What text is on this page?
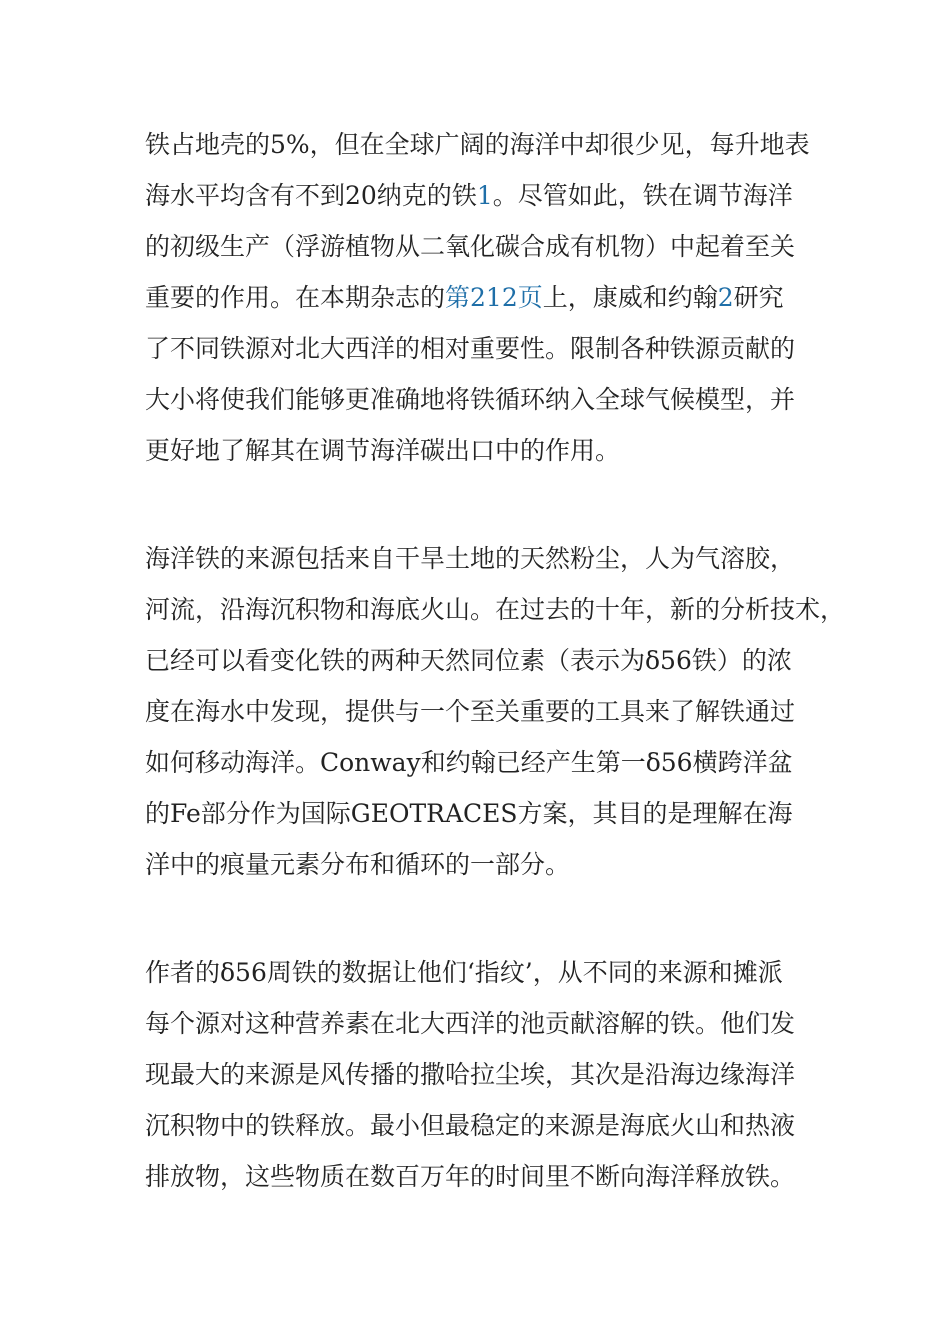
铁占地壳的5%，但在全球广阔的海洋中却很少见，每升地表
海水平均含有不到20纳克的铁1。尽管如此，铁在调节海洋
的初级生产（浮游植物从二氧化碳合成有机物）中起着至关
重要的作用。在本期杂志的第212页上，康威和约翰2研究
了不同铁源对北大西洋的相对重要性。限制各种铁源贡献的
大小将使我们能够更准确地将铁循环纳入全球气候模型，并
更好地了解其在调节海洋碳出口中的作用。
海洋铁的来源包括来自干旱土地的天然粉尘，人为气溶胶，
河流，沿海沉积物和海底火山。在过去的十年，新的分析技术，
已经可以看变化铁的两种天然同位素（表示为δ56铁）的浓
度在海水中发现，提供与一个至关重要的工具来了解铁通过
如何移动海洋。Conway和约翰已经产生第一δ56横跨洋盆
的Fe部分作为国际GEOTRACES方案，其目的是理解在海
洋中的痕量元素分布和循环的一部分。
作者的δ56周铁的数据让他们‘指纹’，从不同的来源和摊派
每个源对这种营养素在北大西洋的池贡献溶解的铁。他们发
现最大的来源是风传播的撒哈拉尘埃，其次是沿海边缘海洋
沉积物中的铁释放。最小但最稳定的来源是海底火山和热液
排放物，这些物质在数百万年的时间里不断向海洋释放铁。
